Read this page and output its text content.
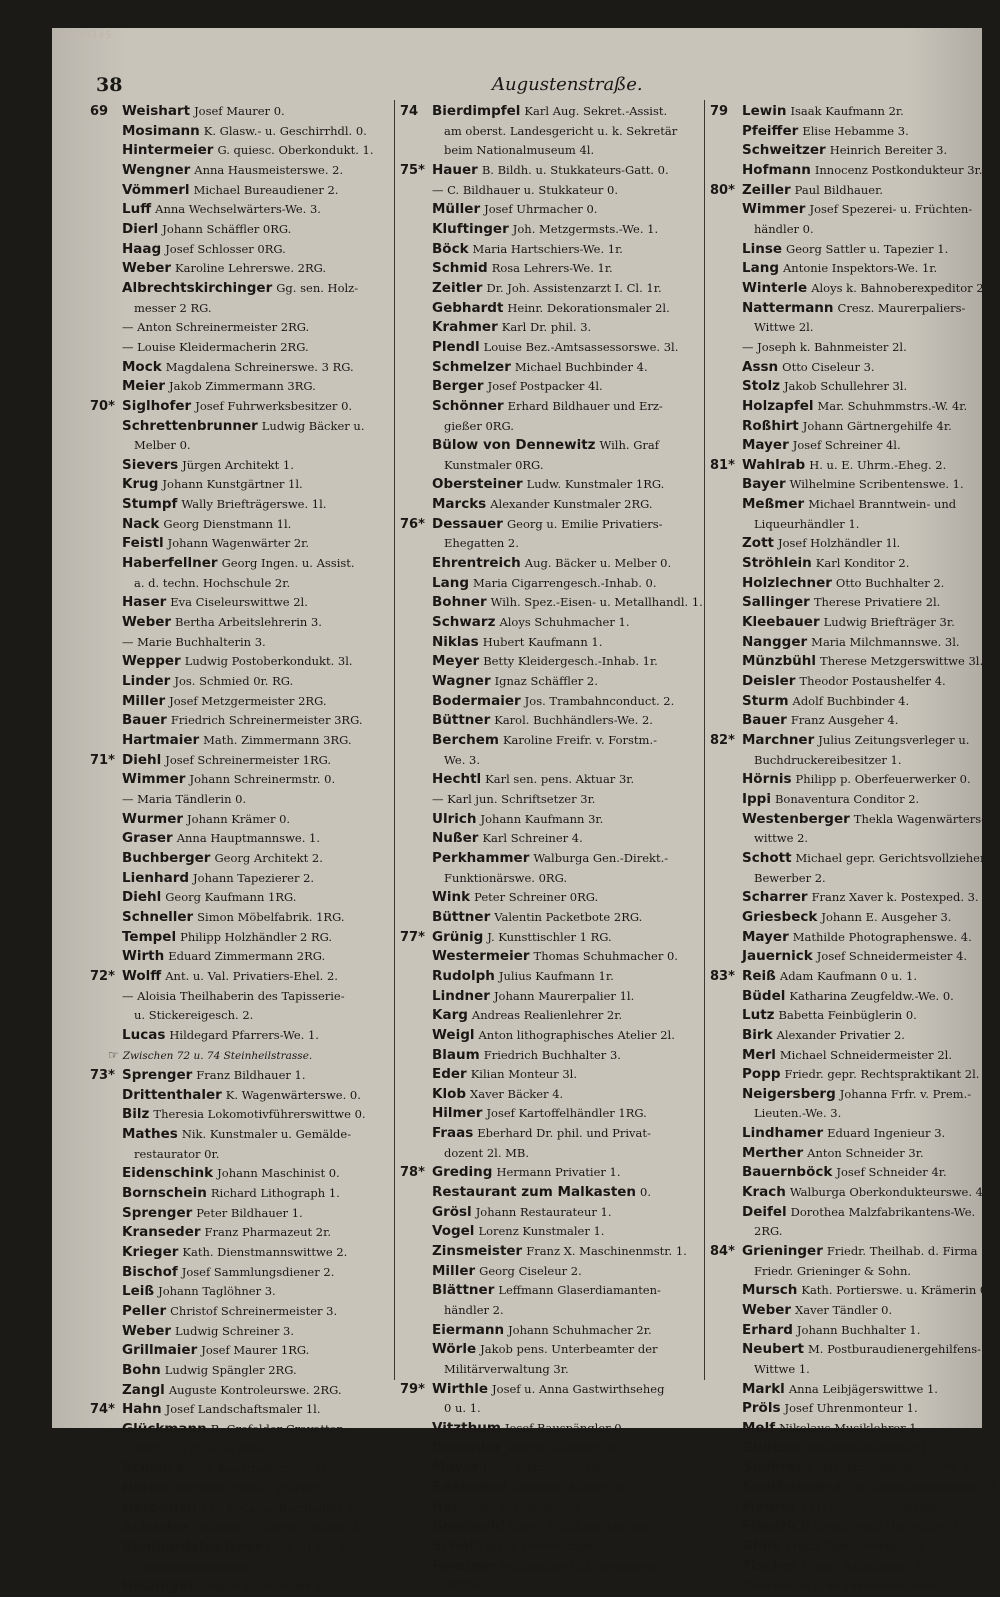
00038345
38	Augustenstraße.
69 Weishart Josef Maurer 0.
Mosimann K. Glasw.- u. Geschirrhdl. 0.
Hintermeier G. quiesc. Oberkondukt. 1.
Wengner Anna Hausmeisterswe. 2.
Vömmerl Michael Bureaudiener 2.
Luff Anna Wechselwärters-We. 3.
Dierl Johann Schäffler 0RG.
Haag Josef Schlosser 0RG.
Weber Karoline Lehrerswe. 2RG.
Albrechtskirchinger Gg. sen. Holz-
messer 2 RG.
— Anton Schreinermeister 2RG.
— Louise Kleidermacherin 2RG.
Mock Magdalena Schreinerswe. 3 RG.
Meier Jakob Zimmermann 3RG.
70* Siglhofer Josef Fuhrwerksbesitzer 0.
Schrettenbrunner Ludwig Bäcker u.
Melber 0.
Sievers Jürgen Architekt 1.
Krug Johann Kunstgärtner 1l.
Stumpf Wally Briefträgerswe. 1l.
Nack Georg Dienstmann 1l.
Feistl Johann Wagenwärter 2r.
Haberfellner Georg Ingen. u. Assist.
a. d. techn. Hochschule 2r.
Haser Eva Ciseleurswittwe 2l.
Weber Bertha Arbeitslehrerin 3.
— Marie Buchhalterin 3.
Wepper Ludwig Postoberkondukt. 3l.
Linder Jos. Schmied 0r. RG.
Miller Josef Metzgermeister 2RG.
Bauer Friedrich Schreinermeister 3RG.
Hartmaier Math. Zimmermann 3RG.
71* Diehl Josef Schreinermeister 1RG.
Wimmer Johann Schreinermstr. 0.
— Maria Tändlerin 0.
Wurmer Johann Krämer 0.
Graser Anna Hauptmannswe. 1.
Buchberger Georg Architekt 2.
Lienhard Johann Tapezierer 2.
Diehl Georg Kaufmann 1RG.
Schneller Simon Möbelfabrik. 1RG.
Tempel Philipp Holzhändler 2 RG.
Wirth Eduard Zimmermann 2RG.
72* Wolff Ant. u. Val. Privatiers-Ehel. 2.
— Aloisia Theilhaberin des Tapisserie-
u. Stickereigesch. 2.
Lucas Hildegard Pfarrers-We. 1.
☞ Zwischen 72 u. 74 Steinheilstrasse.
73* Sprenger Franz Bildhauer 1.
Drittenthaler K. Wagenwärterswe. 0.
Bilz Theresia Lokomotivführerswittwe 0.
Mathes Nik. Kunstmaler u. Gemälde-
restaurator 0r.
Eidenschink Johann Maschinist 0.
Bornschein Richard Lithograph 1.
Sprenger Peter Bildhauer 1.
Kranseder Franz Pharmazeut 2r.
Krieger Kath. Dienstmannswittwe 2.
Bischof Josef Sammlungsdiener 2.
Leiß Johann Taglöhner 3.
Peller Christof Schreinermeister 3.
Weber Ludwig Schreiner 3.
Grillmaier Josef Maurer 1RG.
Bohn Ludwig Spängler 2RG.
Zangl Auguste Kontroleurswe. 2RG.
74* Hahn Josef Landschaftsmaler 1l.
Glückmann R. Crefelder Cravatten-
fabrik en gros en detail 0r.
Schieß Emilie Kunstmalerswe. 1r.
Holste Siegfried quiesz. Pfarrer 2.
Herberich Leo k. Cassa-Buchhalter 2l.
Schuster Wilhelm k. Eisenb.-Offizial 3.
Reinhardstoettner Dr. Karl von k.
Gymnasialprofessor 3.
Haslinger Johann Buchbinder 4.
74 Bierdimpfel Karl Aug. Sekret.-Assist.
am oberst. Landesgericht u. k. Sekretär
beim Nationalmuseum 4l.
75* Hauer B. Bildh. u. Stukkateurs-Gatt. 0.
— C. Bildhauer u. Stukkateur 0.
Müller Josef Uhrmacher 0.
Kluftinger Joh. Metzgermsts.-We. 1.
Böck Maria Hartschiers-We. 1r.
Schmid Rosa Lehrers-We. 1r.
Zeitler Dr. Joh. Assistenzarzt I. Cl. 1r.
Gebhardt Heinr. Dekorationsmaler 2l.
Krahmer Karl Dr. phil. 3.
Plendl Louise Bez.-Amtsassessorswe. 3l.
Schmelzer Michael Buchbinder 4.
Berger Josef Postpacker 4l.
Schönner Erhard Bildhauer und Erz-
gießer 0RG.
Bülow von Dennewitz Wilh. Graf
Kunstmaler 0RG.
Obersteiner Ludw. Kunstmaler 1RG.
Marcks Alexander Kunstmaler 2RG.
76* Dessauer Georg u. Emilie Privatiers-
Ehegatten 2.
Ehrentreich Aug. Bäcker u. Melber 0.
Lang Maria Cigarrengesch.-Inhab. 0.
Bohner Wilh. Spez.-Eisen- u. Metallhandl. 1.
Schwarz Aloys Schuhmacher 1.
Niklas Hubert Kaufmann 1.
Meyer Betty Kleidergesch.-Inhab. 1r.
Wagner Ignaz Schäffler 2.
Bodermaier Jos. Trambahnconduct. 2.
Büttner Karol. Buchhändlers-We. 2.
Berchem Karoline Freifr. v. Forstm.-
We. 3.
Hechtl Karl sen. pens. Aktuar 3r.
— Karl jun. Schriftsetzer 3r.
Ulrich Johann Kaufmann 3r.
Nußer Karl Schreiner 4.
Perkhammer Walburga Gen.-Direkt.-
Funktionärswe. 0RG.
Wink Peter Schreiner 0RG.
Büttner Valentin Packetbote 2RG.
77* Grünig J. Kunsttischler 1 RG.
Westermeier Thomas Schuhmacher 0.
Rudolph Julius Kaufmann 1r.
Lindner Johann Maurerpalier 1l.
Karg Andreas Realienlehrer 2r.
Weigl Anton lithographisches Atelier 2l.
Blaum Friedrich Buchhalter 3.
Eder Kilian Monteur 3l.
Klob Xaver Bäcker 4.
Hilmer Josef Kartoffelhändler 1RG.
Fraas Eberhard Dr. phil. und Privat-
dozent 2l. MB.
78* Greding Hermann Privatier 1.
Restaurant zum Malkasten 0.
Grösl Johann Restaurateur 1.
Vogel Lorenz Kunstmaler 1.
Zinsmeister Franz X. Maschinenmstr. 1.
Miller Georg Ciseleur 2.
Blättner Leffmann Glaserdiamanten-
händler 2.
Eiermann Johann Schuhmacher 2r.
Wörle Jakob pens. Unterbeamter der
Militärverwaltung 3r.
79* Wirthle Josef u. Anna Gastwirthseheg
0 u. 1.
Vitzthum Josef Bauspängler 0.
Dummler Joseph Gastwirth 0.
Mayer Josef Metzgermeister 0 u. 2.
Edelmann Christian Krämer 0l.
Her Julius Stallmeister 1.
Gradwohl Xaver Schuhmachermstr. 2.
Schott Jakob Briefstempler 2.
Forstner Wilhelmine Fuhrwerksbes.-
Wittwe 2r.
79 Lewin Isaak Kaufmann 2r.
Pfeiffer Elise Hebamme 3.
Schweitzer Heinrich Bereiter 3.
Hofmann Innocenz Postkondukteur 3r.
80* Zeiller Paul Bildhauer.
Wimmer Josef Spezerei- u. Früchten-
händler 0.
Linse Georg Sattler u. Tapezier 1.
Lang Antonie Inspektors-We. 1r.
Winterle Aloys k. Bahnoberexpeditor 2.
Nattermann Cresz. Maurerpaliers-
Wittwe 2l.
— Joseph k. Bahnmeister 2l.
Assn Otto Ciseleur 3.
Stolz Jakob Schullehrer 3l.
Holzapfel Mar. Schuhmmstrs.-W. 4r.
Roßhirt Johann Gärtnergehilfe 4r.
Mayer Josef Schreiner 4l.
81* Wahlrab H. u. E. Uhrm.-Eheg. 2.
Bayer Wilhelmine Scribentenswe. 1.
Meßmer Michael Branntwein- und
Liqueurhändler 1.
Zott Josef Holzhändler 1l.
Ströhlein Karl Konditor 2.
Holzlechner Otto Buchhalter 2.
Sallinger Therese Privatiere 2l.
Kleebauer Ludwig Briefträger 3r.
Nangger Maria Milchmannswe. 3l.
Münzbühl Therese Metzgerswittwe 3l.
Deisler Theodor Postaushelfer 4.
Sturm Adolf Buchbinder 4.
Bauer Franz Ausgeher 4.
82* Marchner Julius Zeitungsverleger u.
Buchdruckereibesitzer 1.
Hörnis Philipp p. Oberfeuerwerker 0.
Ippi Bonaventura Conditor 2.
Westenberger Thekla Wagenwärters-
wittwe 2.
Schott Michael gepr. Gerichtsvollzieher-
Bewerber 2.
Scharrer Franz Xaver k. Postexped. 3.
Griesbeck Johann E. Ausgeher 3.
Mayer Mathilde Photographenswe. 4.
Jauernick Josef Schneidermeister 4.
83* Reiß Adam Kaufmann 0 u. 1.
Büdel Katharina Zeugfeldw.-We. 0.
Lutz Babetta Feinbüglerin 0.
Birk Alexander Privatier 2.
Merl Michael Schneidermeister 2l.
Popp Friedr. gepr. Rechtspraktikant 2l.
Neigersberg Johanna Frfr. v. Prem.-
Lieuten.-We. 3.
Lindhamer Eduard Ingenieur 3.
Merther Anton Schneider 3r.
Bauernböck Josef Schneider 4r.
Krach Walburga Oberkondukteurswe. 4l.
Deifel Dorothea Malzfabrikantens-We.
2RG.
84* Grieninger Friedr. Theilhab. d. Firma
Friedr. Grieninger & Sohn.
Mursch Kath. Portierswe. u. Krämerin 0.
Weber Xaver Tändler 0.
Erhard Johann Buchhalter 1.
Neubert M. Postburaudienergehilfens-
Wittwe 1.
Markl Anna Leibjägerswittwe 1.
Pröls Josef Uhrenmonteur 1.
Melf Nikolaus Musiklehrer 1.
Gillitzer Johann Kunstmaler 1.
Spöhrer E. Hauptzollamtskontr.-W. 2.
Sontheimer K. qu. Eisenbahnkondukt. 3.
Maurer Karl Versicherungsagent 3.
Friedrich David pens. Hartschier 3.
Glink Franz Tapezierergehilfe 3r.
Tischer Friedr. Acquisiteur 4.
☞ Zwischen 84 u. 86 Theresienstrasse.
